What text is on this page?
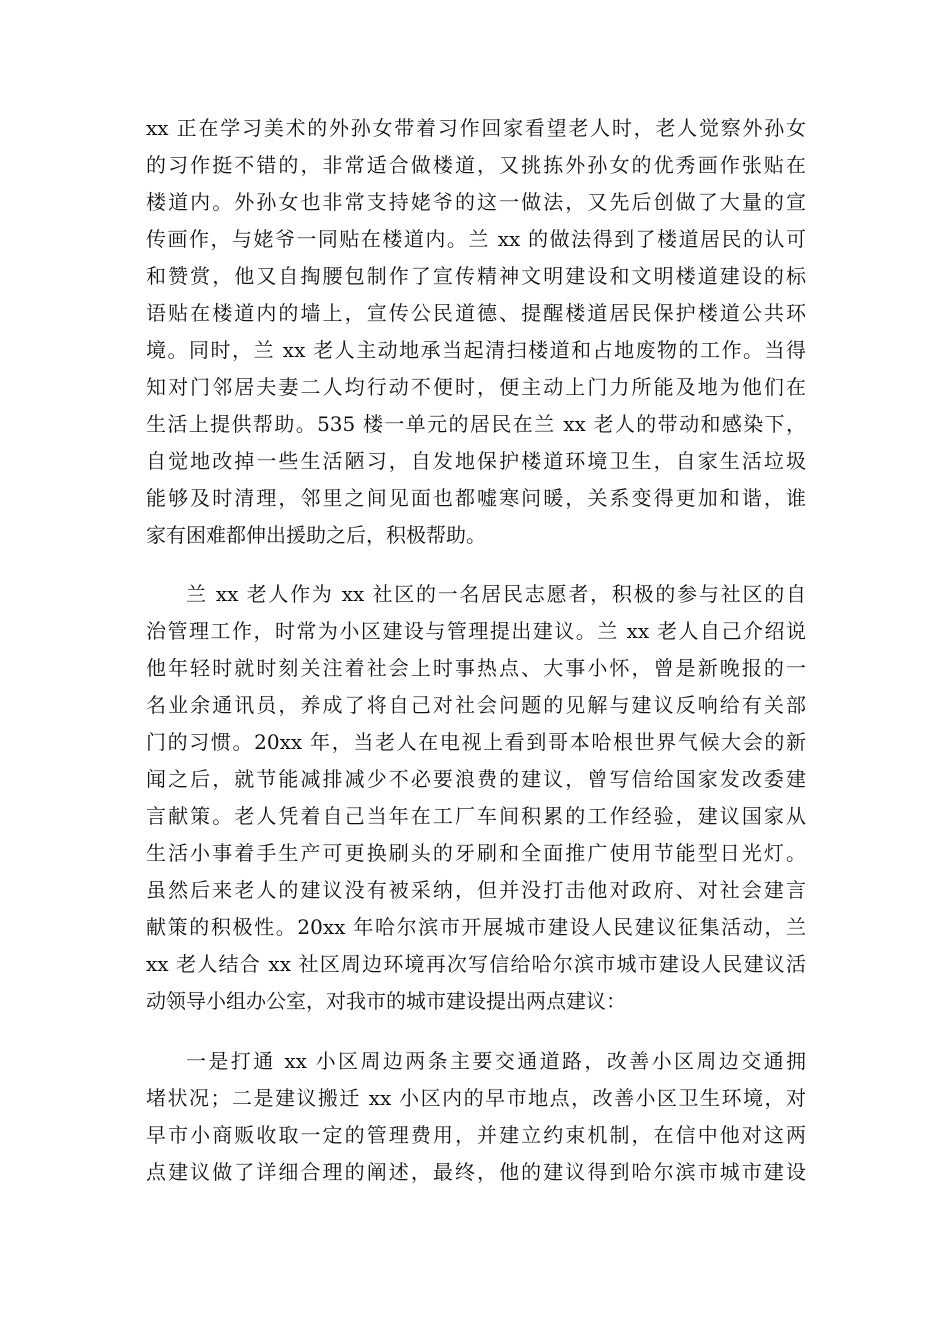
xx 正在学习美术的外孙女带着习作回家看望老人时，老人觉察外孙女
的习作挺不错的，非常适合做楼道，又挑拣外孙女的优秀画作张贴在
楼道内。外孙女也非常支持姥爷的这一做法，又先后创做了大量的宣
传画作，与姥爷一同贴在楼道内。兰 xx 的做法得到了楼道居民的认可
和赞赏，他又自掏腰包制作了宣传精神文明建设和文明楼道建设的标
语贴在楼道内的墙上，宣传公民道德、提醒楼道居民保护楼道公共环
境。同时，兰 xx 老人主动地承当起清扫楼道和占地废物的工作。当得
知对门邻居夫妻二人均行动不便时，便主动上门力所能及地为他们在
生活上提供帮助。535 楼一单元的居民在兰 xx 老人的带动和感染下，
自觉地改掉一些生活陋习，自发地保护楼道环境卫生，自家生活垃圾
能够及时清理，邻里之间见面也都嘘寒问暖，关系变得更加和谐，谁
家有困难都伸出援助之后，积极帮助。
兰 xx 老人作为 xx 社区的一名居民志愿者，积极的参与社区的自
治管理工作，时常为小区建设与管理提出建议。兰 xx 老人自己介绍说
他年轻时就时刻关注着社会上时事热点、大事小怀，曾是新晚报的一
名业余通讯员，养成了将自己对社会问题的见解与建议反响给有关部
门的习惯。20xx 年，当老人在电视上看到哥本哈根世界气候大会的新
闻之后，就节能减排减少不必要浪费的建议，曾写信给国家发改委建
言献策。老人凭着自己当年在工厂车间积累的工作经验，建议国家从
生活小事着手生产可更换刷头的牙刷和全面推广使用节能型日光灯。
虽然后来老人的建议没有被采纳，但并没打击他对政府、对社会建言
献策的积极性。20xx 年哈尔滨市开展城市建设人民建议征集活动，兰
xx 老人结合 xx 社区周边环境再次写信给哈尔滨市城市建设人民建议活
动领导小组办公室，对我市的城市建设提出两点建议：
一是打通 xx 小区周边两条主要交通道路，改善小区周边交通拥
堵状况；二是建议搬迁 xx 小区内的早市地点，改善小区卫生环境，对
早市小商贩收取一定的管理费用，并建立约束机制，在信中他对这两
点建议做了详细合理的阐述，最终，他的建议得到哈尔滨市城市建设
